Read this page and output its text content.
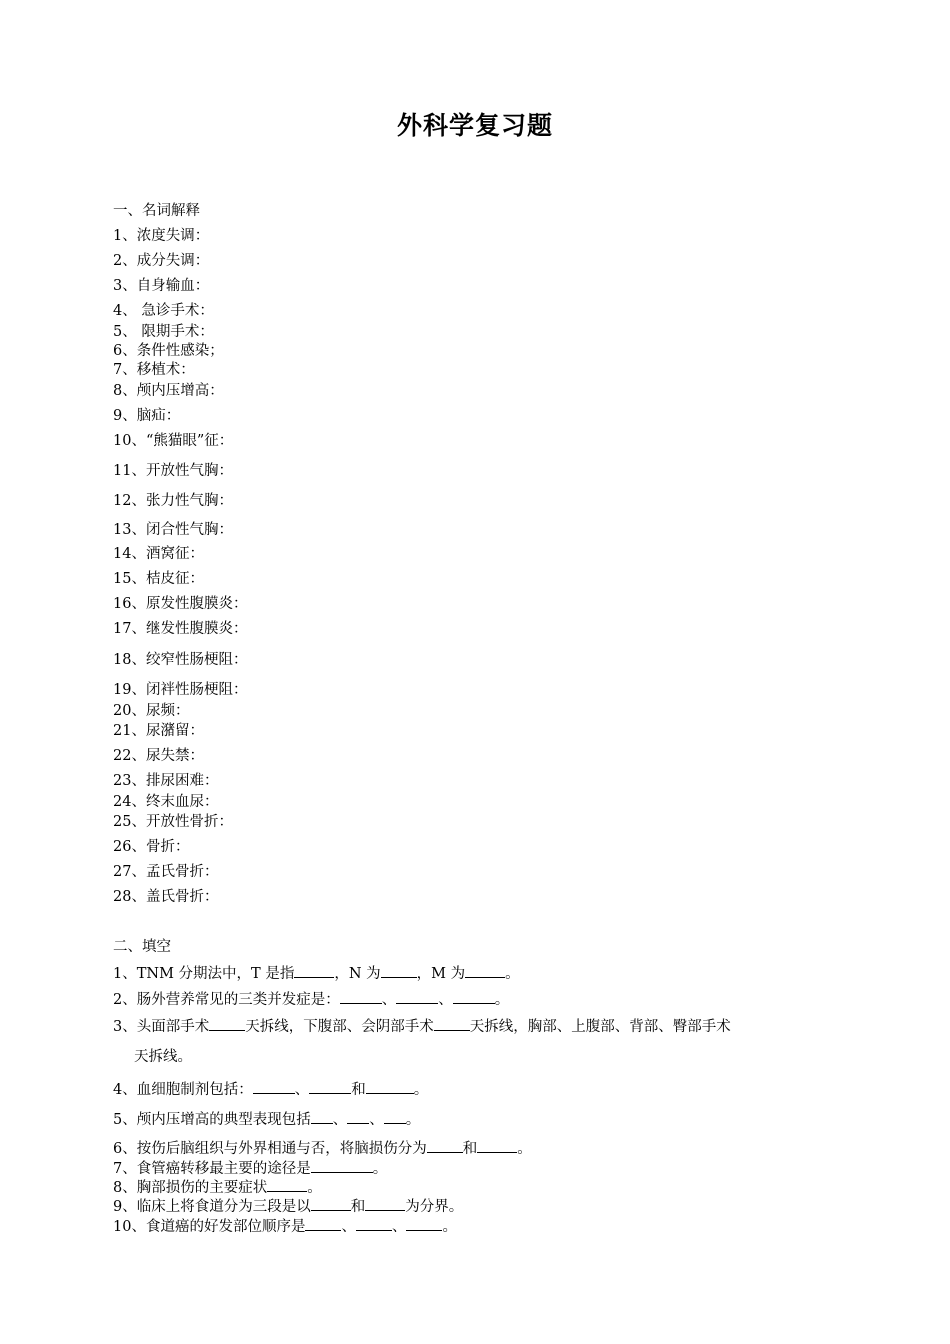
外科学复习题
一、名词解释
1、浓度失调：
2、成分失调：
3、自身输血：
4、 急诊手术：
5、 限期手术：
6、条件性感染；
7、移植术：
8、颅内压增高：
9、脑疝：
10、“熊猫眼”征：
11、开放性气胸：
12、张力性气胸：
13、闭合性气胸：
14、酒窝征：
15、桔皮征：
16、原发性腹膜炎：
17、继发性腹膜炎：
18、绞窄性肠梗阻：
19、闭袢性肠梗阻：
20、尿频：
21、尿潴留：
22、尿失禁：
23、排尿困难：
24、终末血尿：
25、开放性骨折：
26、骨折：
27、孟氏骨折：
28、盖氏骨折：
二、填空
1、TNM 分期法中，T 是指	，N 为 ，M 为	。
2、肠外营养常见的三类并发症是：	、	、	。
3、头面部手术 天拆线，下腹部、会阴部手术 天拆线，胸部、上腹部、背部、臀部手术
天拆线。
4、血细胞制剂包括：	、	和	。
5、颅内压增高的典型表现包括 、 、 。
6、按伤后脑组织与外界相通与否，将脑损伤分为 和	。
7、食管癌转移最主要的途径是	。
8、胸部损伤的主要症状	。
9、临床上将食道分为三段是以	和	为分界。
10、食道癌的好发部位顺序是 、 、 。
